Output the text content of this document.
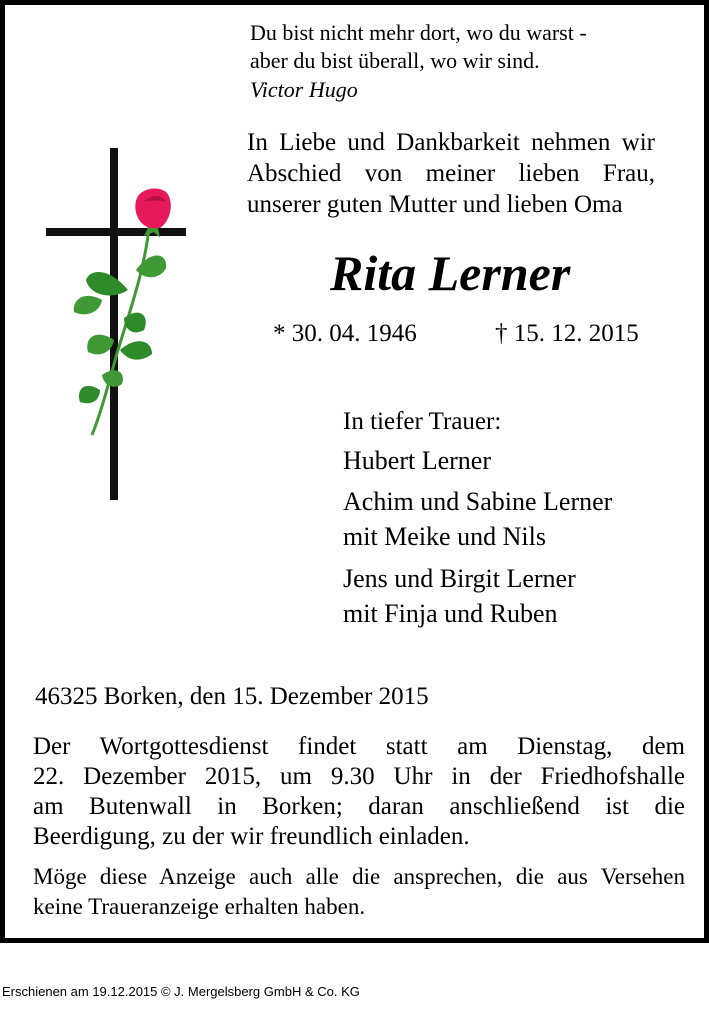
Du bist nicht mehr dort, wo du warst -
aber du bist überall, wo wir sind.
Victor Hugo
In Liebe und Dankbarkeit nehmen wir
Abschied von meiner lieben Frau,
unserer guten Mutter und lieben Oma
Rita Lerner
* 30. 04. 1946	† 15. 12. 2015
In tiefer Trauer:
Hubert Lerner
Achim und Sabine Lerner
mit Meike und Nils
Jens und Birgit Lerner
mit Finja und Ruben
46325 Borken, den 15. Dezember 2015
Der Wortgottesdienst findet statt am Dienstag, dem
22. Dezember 2015, um 9.30 Uhr in der Friedhofshalle
am Butenwall in Borken; daran anschließend ist die
Beerdigung, zu der wir freundlich einladen.
Möge diese Anzeige auch alle die ansprechen, die aus Versehen
keine Traueranzeige erhalten haben.
Erschienen am 19.12.2015 © J. Mergelsberg GmbH & Co. KG
